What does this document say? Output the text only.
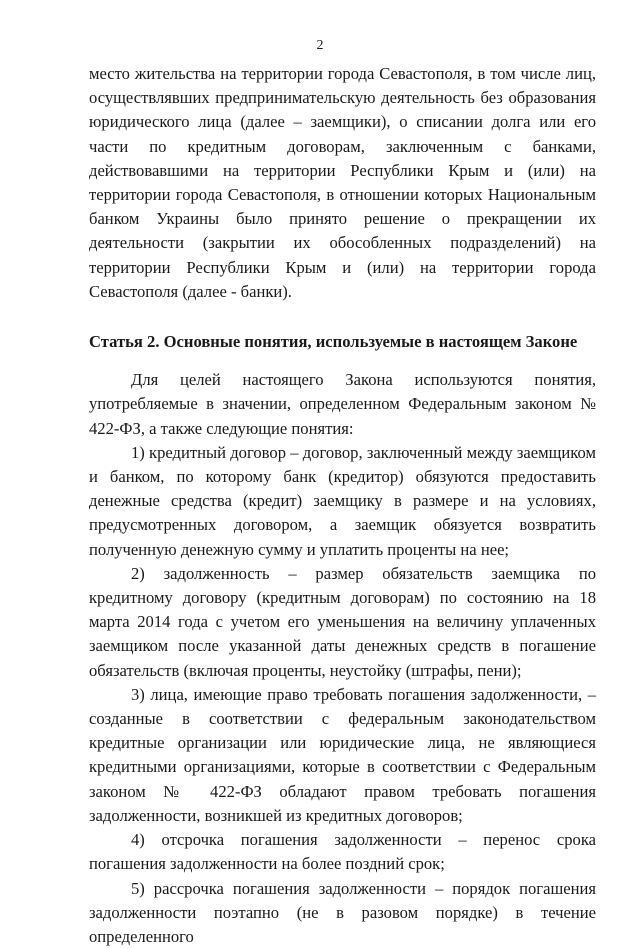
2

место жительства на территории города Севастополя, в том числе лиц, осуществлявших предпринимательскую деятельность без образования юридического лица (далее – заемщики), о списании долга или его части по кредитным договорам, заключенным с банками, действовавшими на территории Республики Крым и (или) на территории города Севастополя, в отношении которых Национальным банком Украины было принято решение о прекращении их деятельности (закрытии их обособленных подразделений) на территории Республики Крым и (или) на территории города Севастополя (далее - банки).

Статья 2. Основные понятия, используемые в настоящем Законе

Для целей настоящего Закона используются понятия, употребляемые в значении, определенном Федеральным законом № 422-ФЗ, а также следующие понятия:

1) кредитный договор – договор, заключенный между заемщиком и банком, по которому банк (кредитор) обязуются предоставить денежные средства (кредит) заемщику в размере и на условиях, предусмотренных договором, а заемщик обязуется возвратить полученную денежную сумму и уплатить проценты на нее;

2) задолженность – размер обязательств заемщика по кредитному договору (кредитным договорам) по состоянию на 18 марта 2014 года с учетом его уменьшения на величину уплаченных заемщиком после указанной даты денежных средств в погашение обязательств (включая проценты, неустойку (штрафы, пени);

3) лица, имеющие право требовать погашения задолженности, – созданные в соответствии с федеральным законодательством кредитные организации или юридические лица, не являющиеся кредитными организациями, которые в соответствии с Федеральным законом № 422-ФЗ обладают правом требовать погашения задолженности, возникшей из кредитных договоров;

4) отсрочка погашения задолженности – перенос срока погашения задолженности на более поздний срок;

5) рассрочка погашения задолженности – порядок погашения задолженности поэтапно (не в разовом порядке) в течение определенного
